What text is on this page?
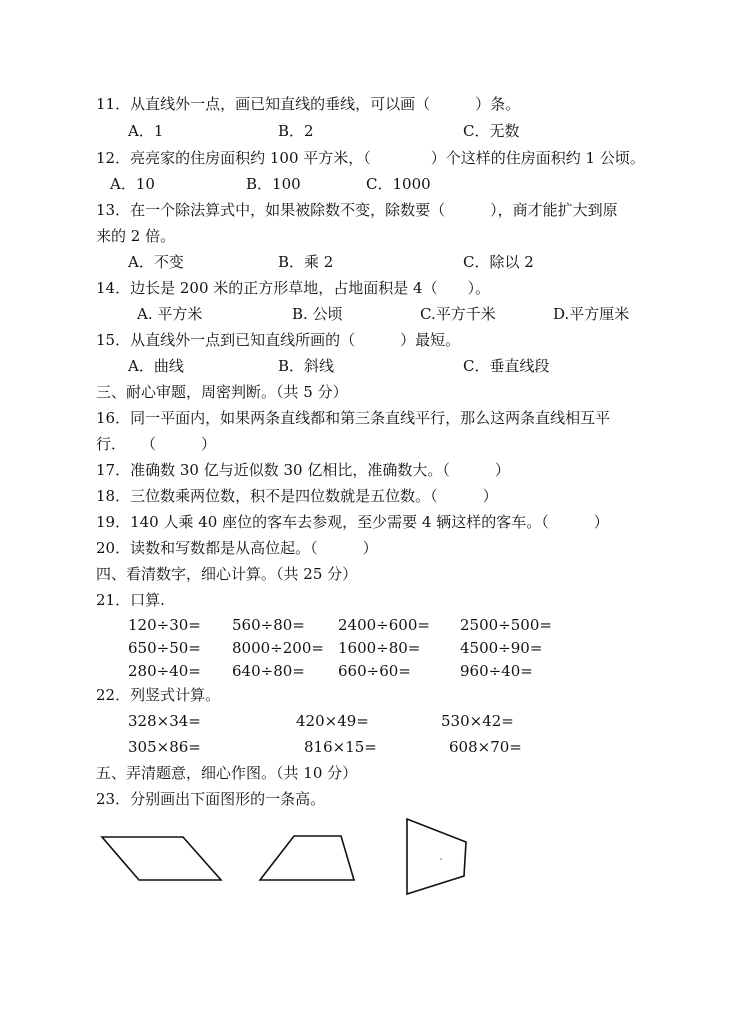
11．从直线外一点，画已知直线的垂线，可以画（　　　）条。
A．1	B．2	C．无数
12．亮亮家的住房面积约 100 平方米，（　　　　）个这样的住房面积约 1 公顷。
A．10	B．100	C．1000
13．在一个除法算式中，如果被除数不变，除数要（　　　），商才能扩大到原
来的 2 倍。
A．不变	B．乘 2	C．除以 2
14．边长是 200 米的正方形草地，占地面积是 4（　　）。
A. 平方米	B. 公顷	C.平方千米	D.平方厘米
15．从直线外一点到已知直线所画的（　　　）最短。
A．曲线	B．斜线	C．垂直线段
三、耐心审题，周密判断。（共 5 分）
16．同一平面内，如果两条直线都和第三条直线平行，那么这两条直线相互平
行．　　（　　　）
17．准确数 30 亿与近似数 30 亿相比，准确数大。（　　　）
18．三位数乘两位数，积不是四位数就是五位数。（　　　）
19．140 人乘 40 座位的客车去参观，至少需要 4 辆这样的客车。（　　　）
20．读数和写数都是从高位起。（　　　）
四、看清数字，细心计算。（共 25 分）
21．口算.
120÷30= 560÷80= 2400÷600= 2500÷500=
650÷50= 8000÷200= 1600÷80=	4500÷90=
280÷40= 640÷80= 660÷60=	960÷40=
22．列竖式计算。
328×34=	420×49=	530×42=
305×86=	816×15=	608×70=
五、弄清题意，细心作图。（共 10 分）
23．分别画出下面图形的一条高。
